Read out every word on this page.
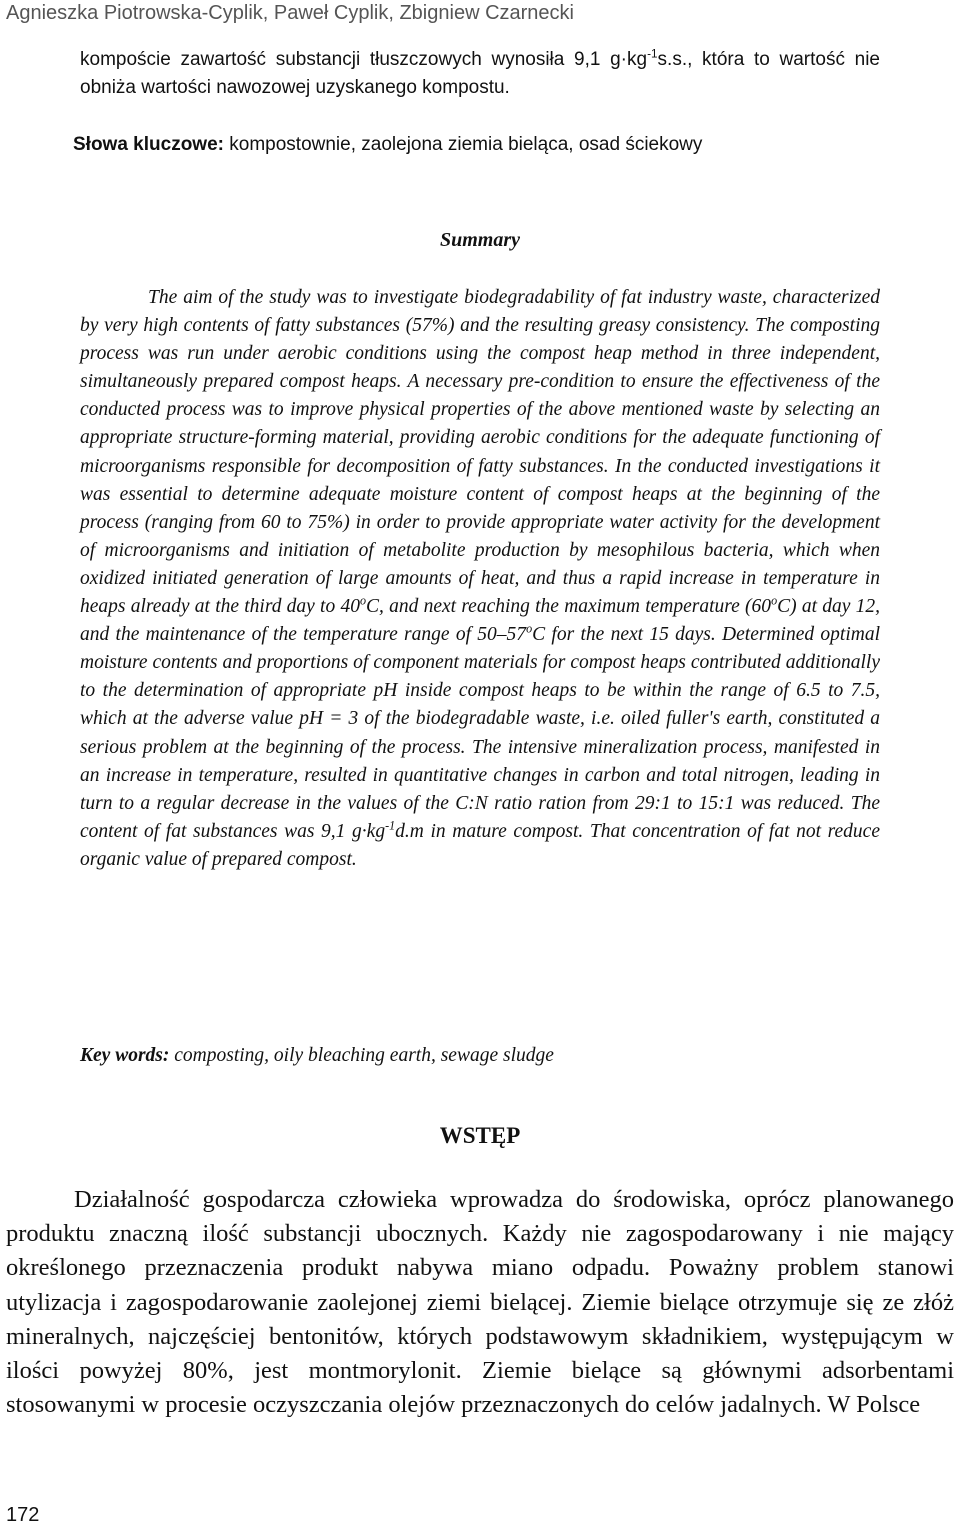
Agnieszka Piotrowska-Cyplik, Paweł Cyplik, Zbigniew Czarnecki

kompoście zawartość substancji tłuszczowych wynosiła 9,1 $g\cdot kg^{-1}s.s$., która to wartość nie obniża wartości nawozowej uzyskanego kompostu.

Słowa kluczowe: kompostownie, zaolejona ziemia bieląca, osad ściekowy
Summary

The aim of the study was to investigate biodegradability of fat industry waste, characterized by very high contents of fatty substances (57%) and the resulting greasy consistency. The composting process was run under aerobic conditions using the compost heap method in three independent, simultaneously prepared compost heaps. A necessary pre-condition to ensure the effectiveness of the conducted process was to improve physical properties of the above mentioned waste by selecting an appropriate structure-forming material, providing aerobic conditions for the adequate functioning of microorganisms responsible for decomposition of fatty substances. In the conducted investigations it was essential to determine adequate moisture content of compost heaps at the beginning of the process (ranging from 60 to 75%) in order to provide appropriate water activity for the development of microorganisms and initiation of metabolite production by mesophilous bacteria, which when oxidized initiated generation of large amounts of heat, and thus a rapid increase in temperature in heaps already at the third day to 40$^o$C, and next reaching the maximum temperature (60$^o$C) at day 12, and the maintenance of the temperature range of 50–57$^o$C for the next 15 days. Determined optimal moisture contents and proportions of component materials for compost heaps contributed additionally to the determination of appropriate pH inside compost heaps to be within the range of 6.5 to 7.5, which at the adverse value pH = 3 of the biodegradable waste, i.e. oiled fuller's earth, constituted a serious problem at the beginning of the process. The intensive mineralization process, manifested in an increase in temperature, resulted in quantitative changes in carbon and total nitrogen, leading in turn to a regular decrease in the values of the C:N ratio ration from 29:1 to 15:1 was reduced. The content of fat substances was 9,1 $g\cdot kg^{-1}d.m$ in mature compost. That concentration of fat not reduce organic value of prepared compost.

Key words: composting, oily bleaching earth, sewage sludge
WSTĘP

Działalność gospodarcza człowieka wprowadza do środowiska, oprócz planowanego produktu znaczną ilość substancji ubocznych. Każdy nie zagospodarowany i nie mający określonego przeznaczenia produkt nabywa miano odpadu. Poważny problem stanowi utylizacja i zagospodarowanie zaolejonej ziemi bielącej. Ziemie bielące otrzymuje się ze złóż mineralnych, najczęściej bentonitów, których podstawowym składnikiem, występującym w ilości powyżej 80%, jest montmorylonit. Ziemie bielące są głównymi adsorbentami stosowanymi w procesie oczyszczania olejów przeznaczonych do celów jadalnych. W Polsce

172
